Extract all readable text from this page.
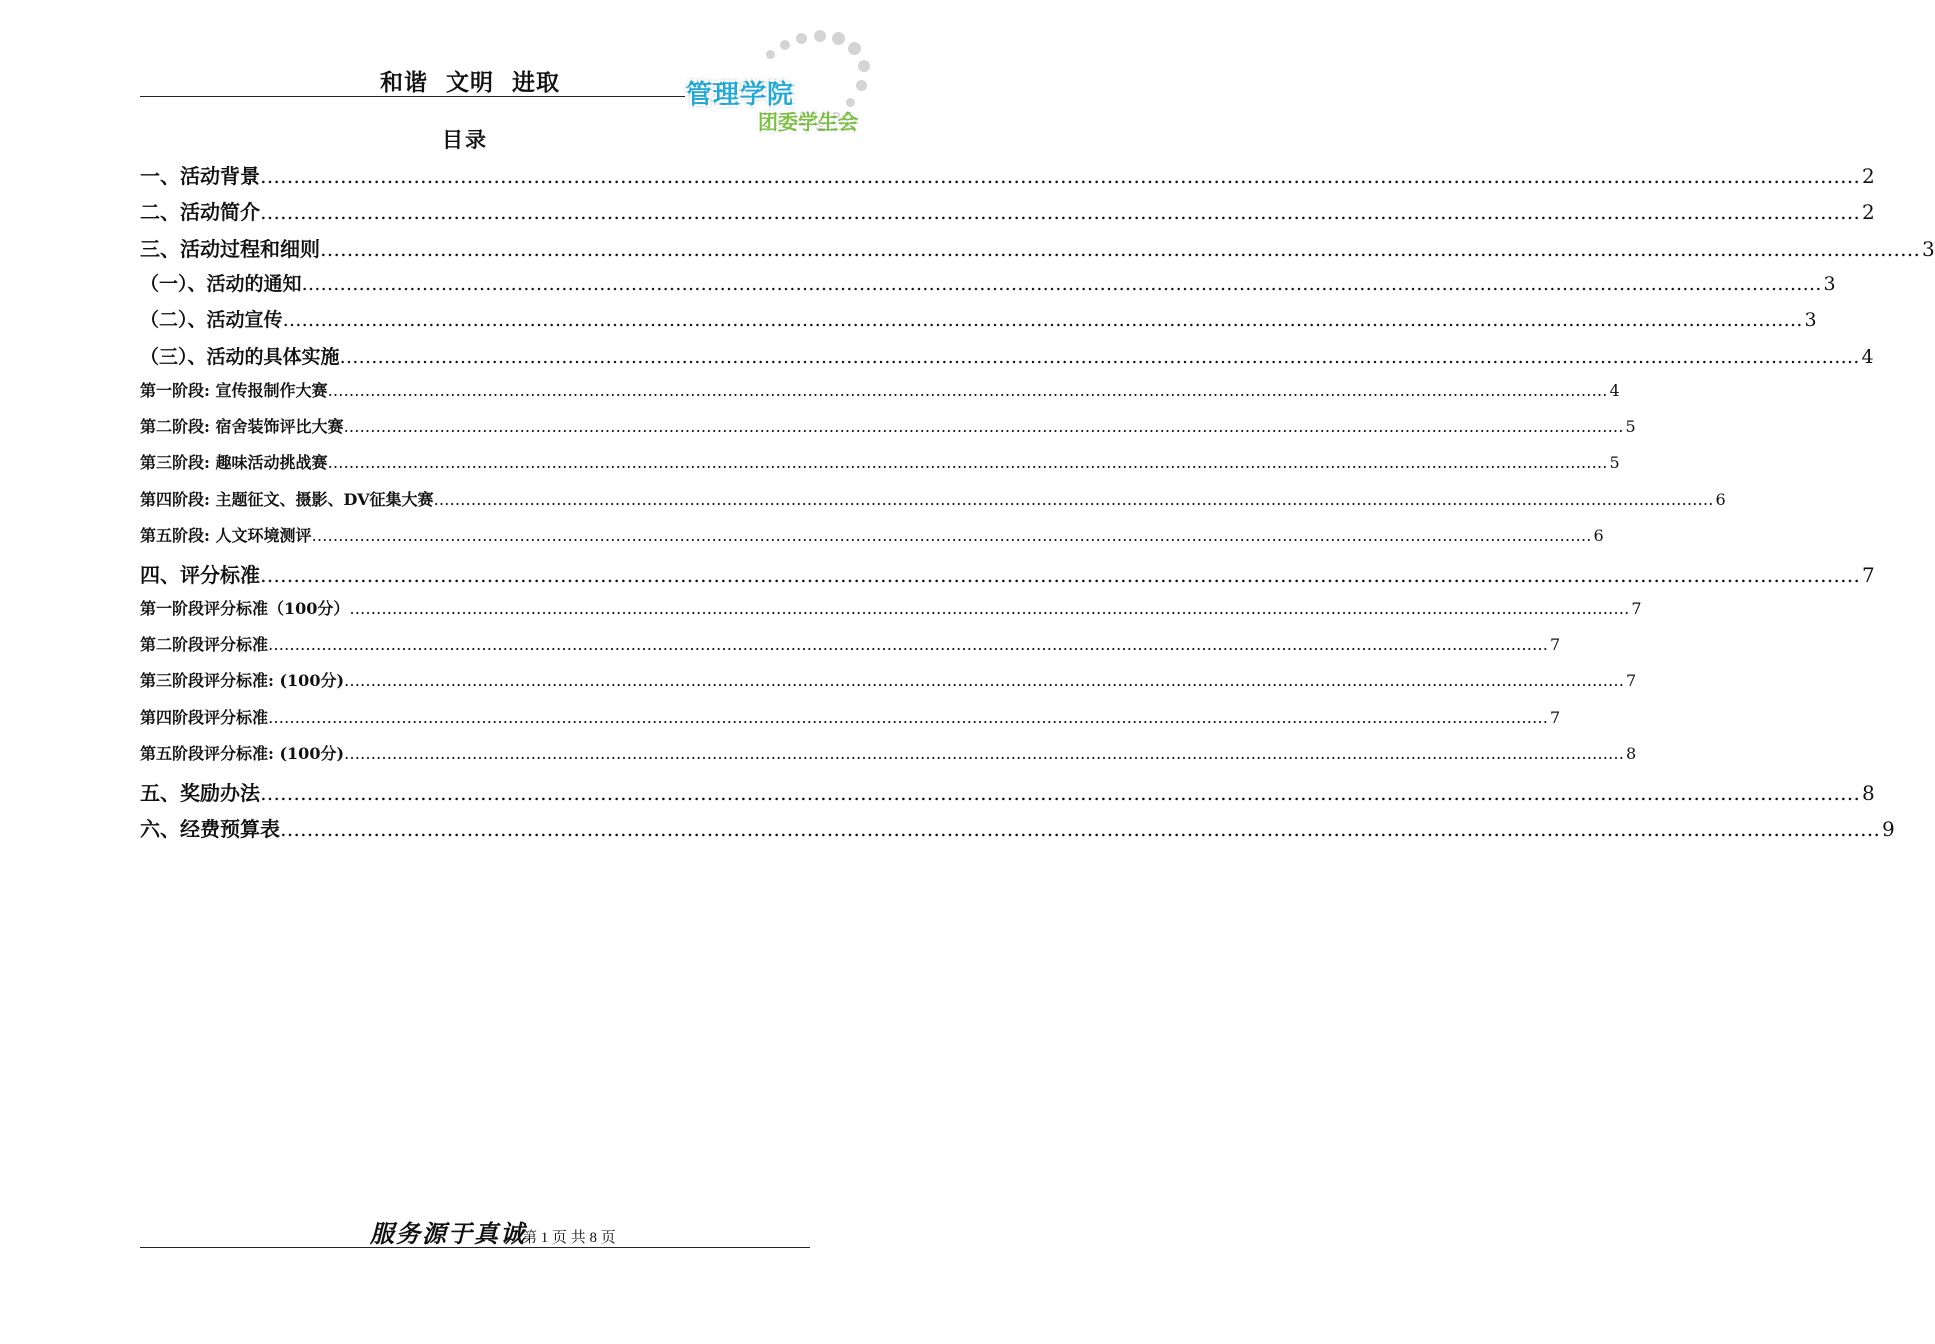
和谐  文明  进取	管理学院
团委学生会
目录
一、活动背景 …………………………………………………………………………………………………………………………………………………………………………………………………………………… 2
二、活动简介 …………………………………………………………………………………………………………………………………………………………………………………………………………………… 2
三、活动过程和细则 …………………………………………………………………………………………………………………………………………………………………………………………………………………… 3
（一）、活动的通知 …………………………………………………………………………………………………………………………………………………………………………………………………………………… 3
（二）、活动宣传 …………………………………………………………………………………………………………………………………………………………………………………………………………………… 3
（三）、活动的具体实施 …………………………………………………………………………………………………………………………………………………………………………………………………………………… 4
第一阶段: 宣传报制作大赛 …………………………………………………………………………………………………………………………………………………………………………………………………………………… 4
第二阶段: 宿舍装饰评比大赛 …………………………………………………………………………………………………………………………………………………………………………………………………………………… 5
第三阶段: 趣味活动挑战赛 …………………………………………………………………………………………………………………………………………………………………………………………………………………… 5
第四阶段: 主题征文、摄影、DV征集大赛 …………………………………………………………………………………………………………………………………………………………………………………………………………………… 6
第五阶段: 人文环境测评 …………………………………………………………………………………………………………………………………………………………………………………………………………………… 6
四、评分标准 …………………………………………………………………………………………………………………………………………………………………………………………………………………… 7
第一阶段评分标准（100分） …………………………………………………………………………………………………………………………………………………………………………………………………………………… 7
第二阶段评分标准 …………………………………………………………………………………………………………………………………………………………………………………………………………………… 7
第三阶段评分标准: (100分) …………………………………………………………………………………………………………………………………………………………………………………………………………………… 7
第四阶段评分标准 …………………………………………………………………………………………………………………………………………………………………………………………………………………… 7
第五阶段评分标准: (100分) …………………………………………………………………………………………………………………………………………………………………………………………………………………… 8
五、奖励办法 …………………………………………………………………………………………………………………………………………………………………………………………………………………… 8
六、经费预算表 …………………………………………………………………………………………………………………………………………………………………………………………………………………… 9
服务源于真诚
第 1 页 共 8 页
